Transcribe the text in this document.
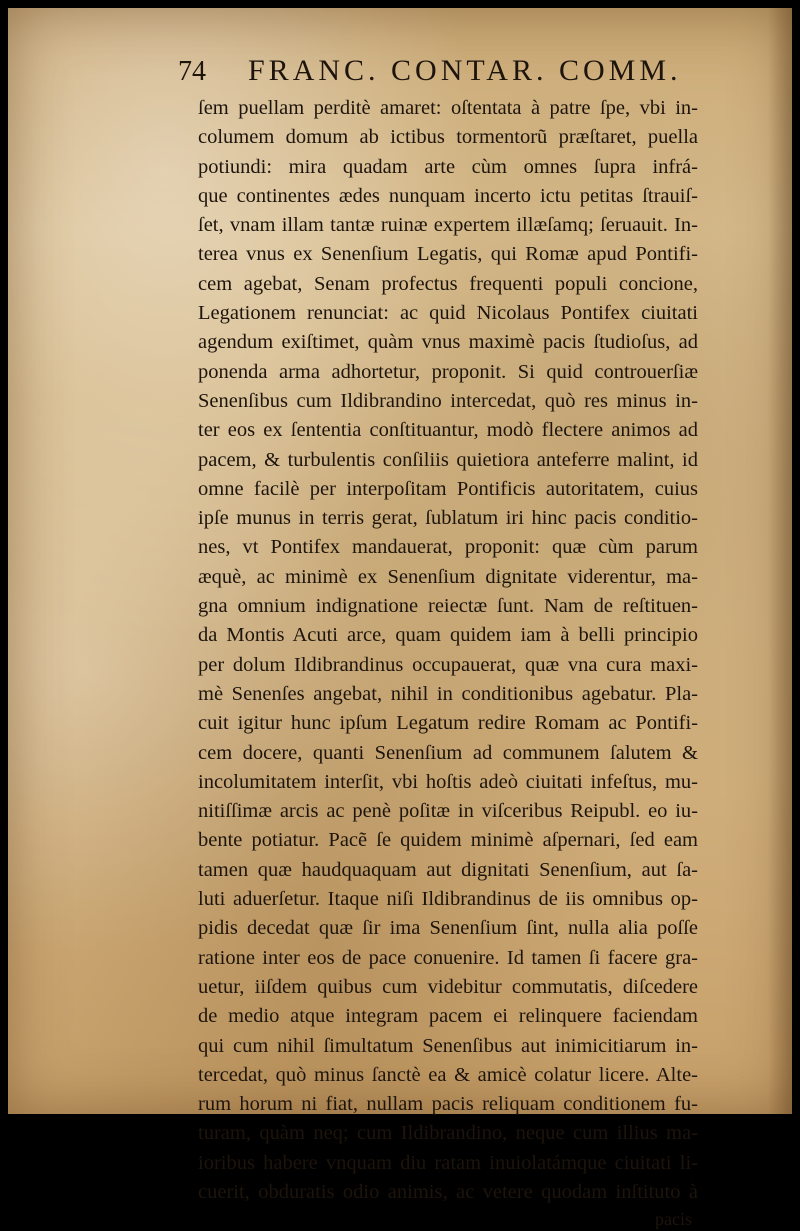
74 FRANC. CONTAR. COMM.
ſem puellam perditè amaret: oſtentata à patre ſpe, vbi in-
columem domum ab ictibus tormentorũ præſtaret, puella
potiundi: mira quadam arte cùm omnes ſupra infrá-
que continentes ædes nunquam incerto ictu petitas ſtrauiſ-
ſet, vnam illam tantæ ruinæ expertem illæſamq; ſeruauit. In-
terea vnus ex Senenſium Legatis, qui Romæ apud Pontifi-
cem agebat, Senam profectus frequenti populi concione,
Legationem renunciat: ac quid Nicolaus Pontifex ciuitati
agendum exiſtimet, quàm vnus maximè pacis ſtudioſus, ad
ponenda arma adhortetur, proponit. Si quid controuerſiæ
Senenſibus cum Ildibrandino intercedat, quò res minus in-
ter eos ex ſententia conſtituantur, modò flectere animos ad
pacem, & turbulentis conſiliis quietiora anteferre malint, id
omne facilè per interpoſitam Pontificis autoritatem, cuius
ipſe munus in terris gerat, ſublatum iri hinc pacis conditio-
nes, vt Pontifex mandauerat, proponit: quæ cùm parum
æquè, ac minimè ex Senenſium dignitate viderentur, ma-
gna omnium indignatione reiectæ ſunt. Nam de reſtituen-
da Montis Acuti arce, quam quidem iam à belli principio
per dolum Ildibrandinus occupauerat, quæ vna cura maxi-
mè Senenſes angebat, nihil in conditionibus agebatur. Pla-
cuit igitur hunc ipſum Legatum redire Romam ac Pontifi-
cem docere, quanti Senenſium ad communem ſalutem &
incolumitatem interſit, vbi hoſtis adeò ciuitati infeſtus, mu-
nitiſſimæ arcis ac penè poſitæ in viſceribus Reipubl. eo iu-
bente potiatur. Pacẽ ſe quidem minimè aſpernari, ſed eam
tamen quæ haudquaquam aut dignitati Senenſium, aut ſa-
luti aduerſetur. Itaque niſi Ildibrandinus de iis omnibus op-
pidis decedat quæ ſir ima Senenſium ſint, nulla alia poſſe
ratione inter eos de pace conuenire. Id tamen ſi facere gra-
uetur, iiſdem quibus cum videbitur commutatis, diſcedere
de medio atque integram pacem ei relinquere faciendam
qui cum nihil ſimultatum Senenſibus aut inimicitiarum in-
tercedat, quò minus ſanctè ea & amicè colatur licere. Alte-
rum horum ni fiat, nullam pacis reliquam conditionem fu-
turam, quàm neq; cum Ildibrandino, neque cum illius ma-
ioribus habere vnquam diu ratam inuiolatámque ciuitati li-
cuerit, obduratis odio animis, ac vetere quodam inſtituto à
pacis
